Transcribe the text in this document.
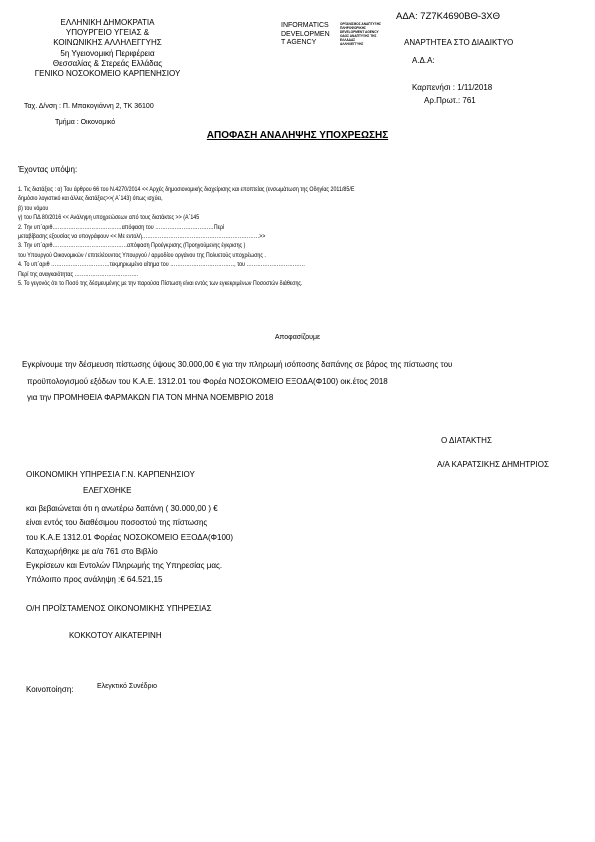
ΕΛΛΗΝΙΚΗ ΔΗΜΟΚΡΑΤΙΑ
ΥΠΟΥΡΓΕΙΟ ΥΓΕΙΑΣ &
ΚΟΙΝΩΝΙΚΗΣ ΑΛΛΗΛΕΓΓΥΗΣ
5η Υγειονομική Περιφέρεια
Θεσσαλίας & Στερεάς Ελλάδας
ΓΕΝΙΚΟ ΝΟΣΟΚΟΜΕΙΟ ΚΑΡΠΕΝΗΣΙΟΥ
INFORMATICS
DEVELOPMEN
T AGENCY
ΟΡΓΑΝΙΣΜΟΣ ΑΝΑΠΤΥΞΗΣ
ΠΛΗΡΟΦΟΡΙΚΗΣ
DEVELOPMENT AGENCY
ΟΔΟΣ ΑΝΑΠΤΥΞΗΣ ΤΗΣ
ΕΛΛΑΔΑΣ
ΑΛΛΗΛΕΓΓΥΗΣ
ΑΔΑ: 7Ζ7Κ4690ΒΘ-3ΧΘ
ΑΝΑΡΤΗΤΕΑ ΣΤΟ ΔΙΑΔΙΚΤΥΟ
Α.Δ.Α:
Καρπενήσι : 1/11/2018
Αρ.Πρωτ.: 761
Ταχ. Δ/νση : Π. Μπακογιάννη 2, ΤΚ 36100
Τμήμα : Οικονομικό
ΑΠΟΦΑΣΗ ΑΝΑΛΗΨΗΣ ΥΠΟΧΡΕΩΣΗΣ
Έχοντας υπόψη:
1. Τις διατάξεις : α) Του άρθρου 66 του Ν.4270/2014 << Αρχές δημοσιονομικής διαχείρισης και εποπτείας (ενσωμάτωση της Οδηγίας 2011/85/Ε
δημόσιο λογιστικό και άλλες διατάξεις>>( Α΄143) όπως ισχύει,
β) του νόμου
γ) του ΠΔ 80/2016 << Ανάληψη υποχρεώσεων από τους διατάκτες >> (Α΄145
2. Την υπ΄αριθ…………………………………απόφαση του ……………………………Περί
μεταβίβασης εξουσίας να υπογράφουν << Με εντολή…………………………………………………………>>
3. Την υπ΄αριθ……………………………………απόφαση Προέγκρισης (Προηγούμενης έγκρισης )
του Υπουργού Οικονομικών / επιτελέουντος Υπουργού / αρμοδίου οργάνου της Πολυετούς υποχρέωσης .
4. Το υπ΄αριθ ……………………………τεκμηριωμένο αίτημα του ………………………………, του ……………………………
Περί της αναγκαιότητας ………………………………
5. Το γεγονός ότι το Ποσό της δέσμευμένης με την παρούσα Πίστωση είναι εντός των εγκεκριμένων Ποσοστών διάθεσης.
Αποφασίζουμε
Εγκρίνουμε την δέσμευση πίστωσης ύψους 30.000,00 € για την πληρωμή ισόποσης δαπάνης σε βάρος της πίστωσης του
προϋπολογισμού εξόδων του Κ.Α.Ε. 1312.01 του Φορέα ΝΟΣΟΚΟΜΕΙΟ ΕΞΟΔΑ(Φ100) οικ.έτος 2018
για την ΠΡΟΜΗΘΕΙΑ ΦΑΡΜΑΚΩΝ ΓΙΑ ΤΟΝ ΜΗΝΑ ΝΟΕΜΒΡΙΟ 2018
Ο ΔΙΑΤΑΚΤΗΣ
Α/Α ΚΑΡΑΤΣΙΚΗΣ ΔΗΜΗΤΡΙΟΣ
ΟΙΚΟΝΟΜΙΚΗ ΥΠΗΡΕΣΙΑ Γ.Ν. ΚΑΡΠΕΝΗΣΙΟΥ
ΕΛΕΓΧΘΗΚΕ
και βεβαιώνεται ότι η ανωτέρω δαπάνη ( 30.000,00 ) €
είναι εντός του διαθέσιμου ποσοστού της πίστωσης
του Κ.Α.Ε 1312.01 Φορέας ΝΟΣΟΚΟΜΕΙΟ ΕΞΟΔΑ(Φ100)
Καταχωρήθηκε με α/α 761 στο Βιβλίο
Εγκρίσεων και Εντολών Πληρωμής της Υπηρεσίας μας.
Υπόλοιπο προς ανάληψη :€ 64.521,15
Ο/Η ΠΡΟΪΣΤΑΜΕΝΟΣ ΟΙΚΟΝΟΜΙΚΗΣ ΥΠΗΡΕΣΙΑΣ
ΚΟΚΚΟΤΟΥ ΑΙΚΑΤΕΡΙΝΗ
Κοινοποίηση:	Ελεγκτικό Συνέδριο
